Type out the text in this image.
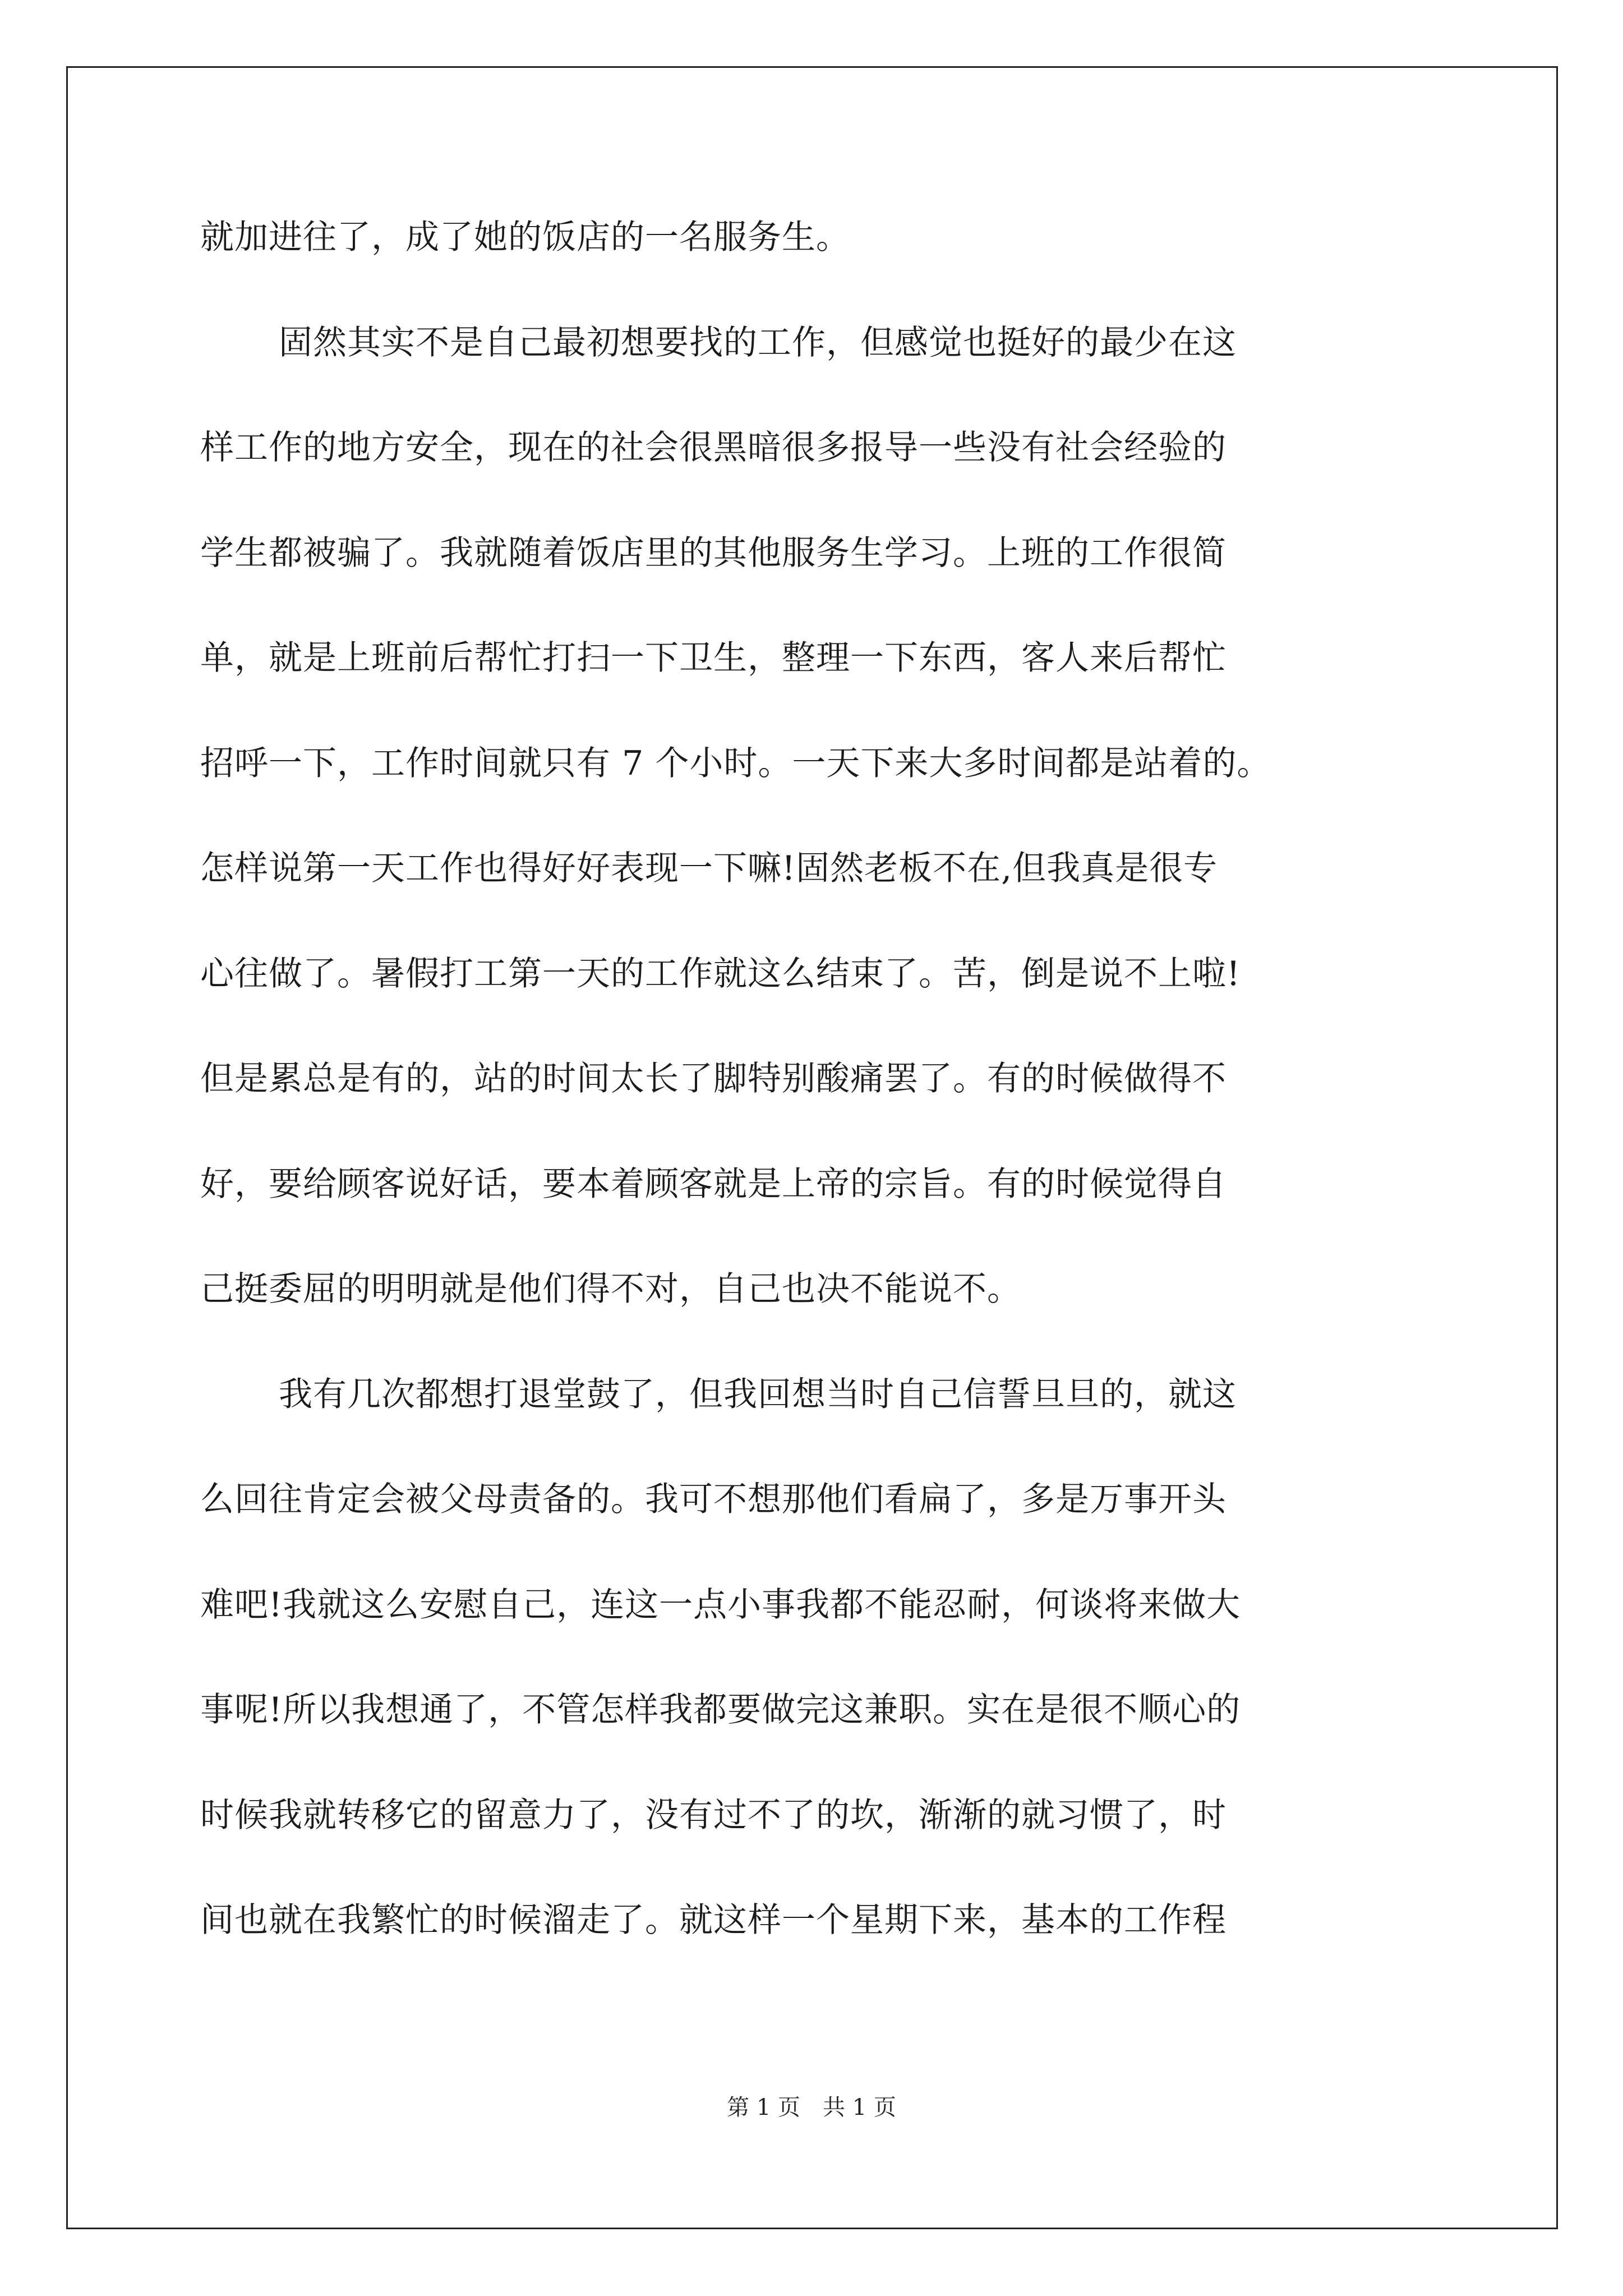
就加进往了，成了她的饭店的一名服务生。
固然其实不是自己最初想要找的工作，但感觉也挺好的最少在这
样工作的地方安全，现在的社会很黑暗很多报导一些没有社会经验的
学生都被骗了。我就随着饭店里的其他服务生学习。上班的工作很简
单，就是上班前后帮忙打扫一下卫生，整理一下东西，客人来后帮忙
招呼一下，工作时间就只有 7 个小时。一天下来大多时间都是站着的。
怎样说第一天工作也得好好表现一下嘛!固然老板不在,但我真是很专
心往做了。暑假打工第一天的工作就这么结束了。苦，倒是说不上啦!
但是累总是有的，站的时间太长了脚特别酸痛罢了。有的时候做得不
好，要给顾客说好话，要本着顾客就是上帝的宗旨。有的时候觉得自
己挺委屈的明明就是他们得不对，自己也决不能说不。
我有几次都想打退堂鼓了，但我回想当时自己信誓旦旦的，就这
么回往肯定会被父母责备的。我可不想那他们看扁了，多是万事开头
难吧!我就这么安慰自己，连这一点小事我都不能忍耐，何谈将来做大
事呢!所以我想通了，不管怎样我都要做完这兼职。实在是很不顺心的
时候我就转移它的留意力了，没有过不了的坎，渐渐的就习惯了，时
间也就在我繁忙的时候溜走了。就这样一个星期下来，基本的工作程
第 1 页　共 1 页
